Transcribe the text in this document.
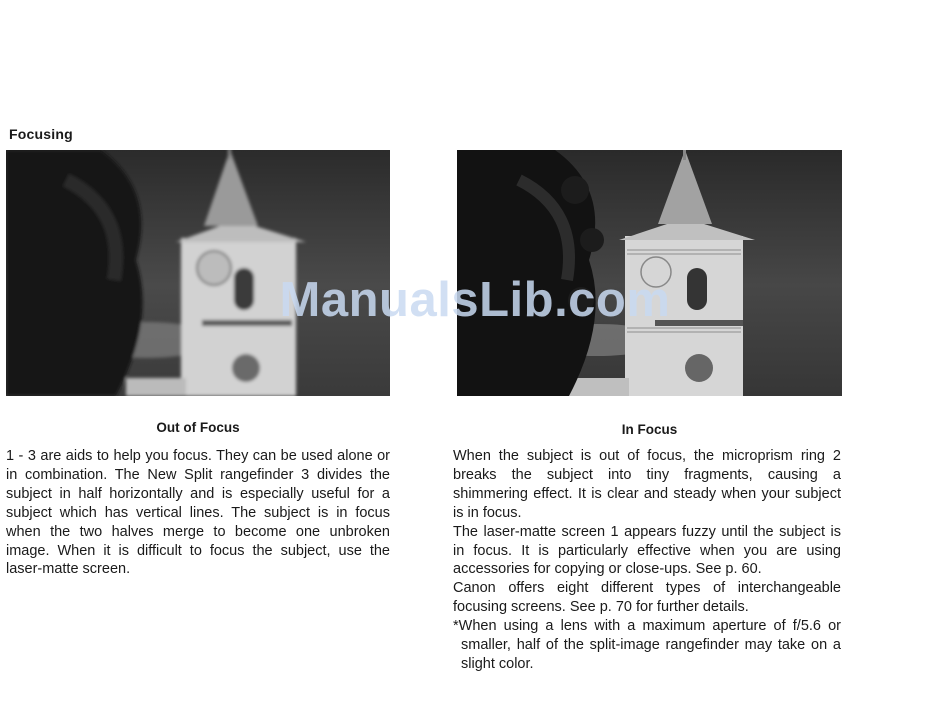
Focusing
Out of Focus	In Focus

1 - 3 are aids to help you focus. They can be used alone or in combination. The New Split rangefinder 3 divides the subject in half horizontally and is especially useful for a subject which has vertical lines. The subject is in focus when the two halves merge to become one unbroken image. When it is difficult to focus the subject, use the laser-matte screen.

When the subject is out of focus, the microprism ring 2 breaks the subject into tiny fragments, causing a shimmering effect. It is clear and steady when your subject is in focus.

The laser-matte screen 1 appears fuzzy until the subject is in focus. It is particularly effective when you are using accessories for copying or close-ups. See p. 60.

Canon offers eight different types of interchangeable focusing screens. See p. 70 for further details.

*When using a lens with a maximum aperture of f/5.6 or smaller, half of the split-image rangefinder may take on a slight color.

ManualsLib.com
